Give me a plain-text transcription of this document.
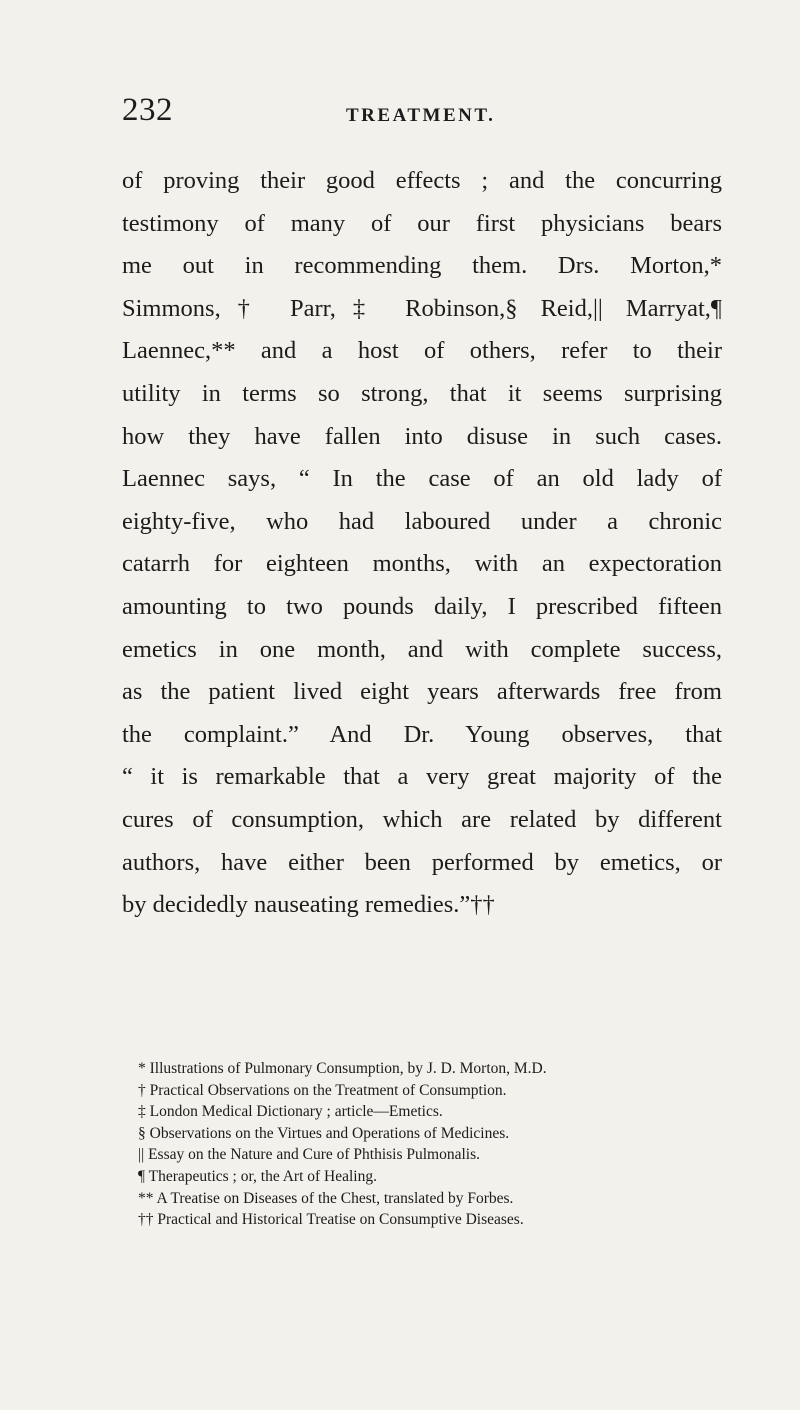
232	TREATMENT.
of proving their good effects ; and the concurring
testimony of many of our first physicians bears
me out in recommending them. Drs. Morton,*
Simmons,† Parr,‡ Robinson,§ Reid,|| Marryat,¶
Laennec,** and a host of others, refer to their
utility in terms so strong, that it seems surprising
how they have fallen into disuse in such cases.
Laennec says, “ In the case of an old lady of
eighty-five, who had laboured under a chronic
catarrh for eighteen months, with an expectoration
amounting to two pounds daily, I prescribed fifteen
emetics in one month, and with complete success,
as the patient lived eight years afterwards free from
the complaint.” And Dr. Young observes, that
“ it is remarkable that a very great majority of the
cures of consumption, which are related by different
authors, have either been performed by emetics, or
by decidedly nauseating remedies.”††
* Illustrations of Pulmonary Consumption, by J. D. Morton, M.D.
† Practical Observations on the Treatment of Consumption.
‡ London Medical Dictionary ; article—Emetics.
§ Observations on the Virtues and Operations of Medicines.
|| Essay on the Nature and Cure of Phthisis Pulmonalis.
¶ Therapeutics ; or, the Art of Healing.
** A Treatise on Diseases of the Chest, translated by Forbes.
†† Practical and Historical Treatise on Consumptive Diseases.
